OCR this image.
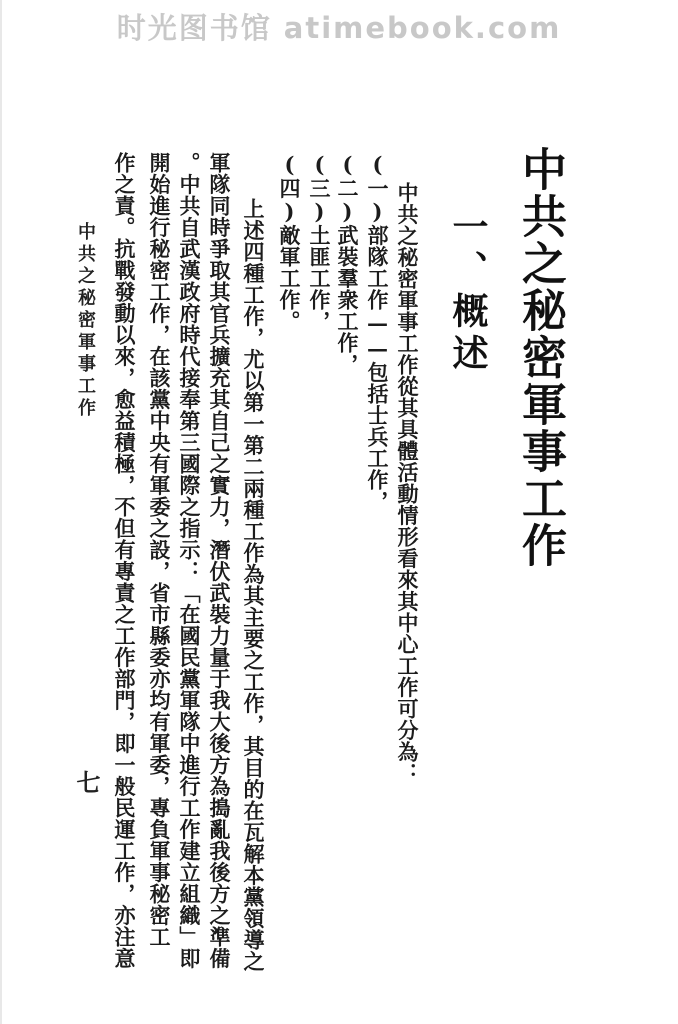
时光图书馆 atimebook.com
中共之秘密軍事工作
一、概述
中共之秘密軍事工作從其具體活動情形看來其中心工作可分為：
(一)部隊工作——包括士兵工作，
(二)武裝羣衆工作，
(三)土匪工作，
(四)敵軍工作。
上述四種工作，尤以第一第二兩種工作為其主要之工作，其目的在瓦解本黨領導之
軍隊同時爭取其官兵擴充其自己之實力，潛伏武裝力量于我大後方為搗亂我後方之準備
。中共自武漢政府時代接奉第三國際之指示：「在國民黨軍隊中進行工作建立組織」即
開始進行秘密工作，在該黨中央有軍委之設，省市縣委亦均有軍委，專負軍事秘密工
作之責。抗戰發動以來，愈益積極，不但有專責之工作部門，即一般民運工作，亦注意
中共之秘密軍事工作
七
